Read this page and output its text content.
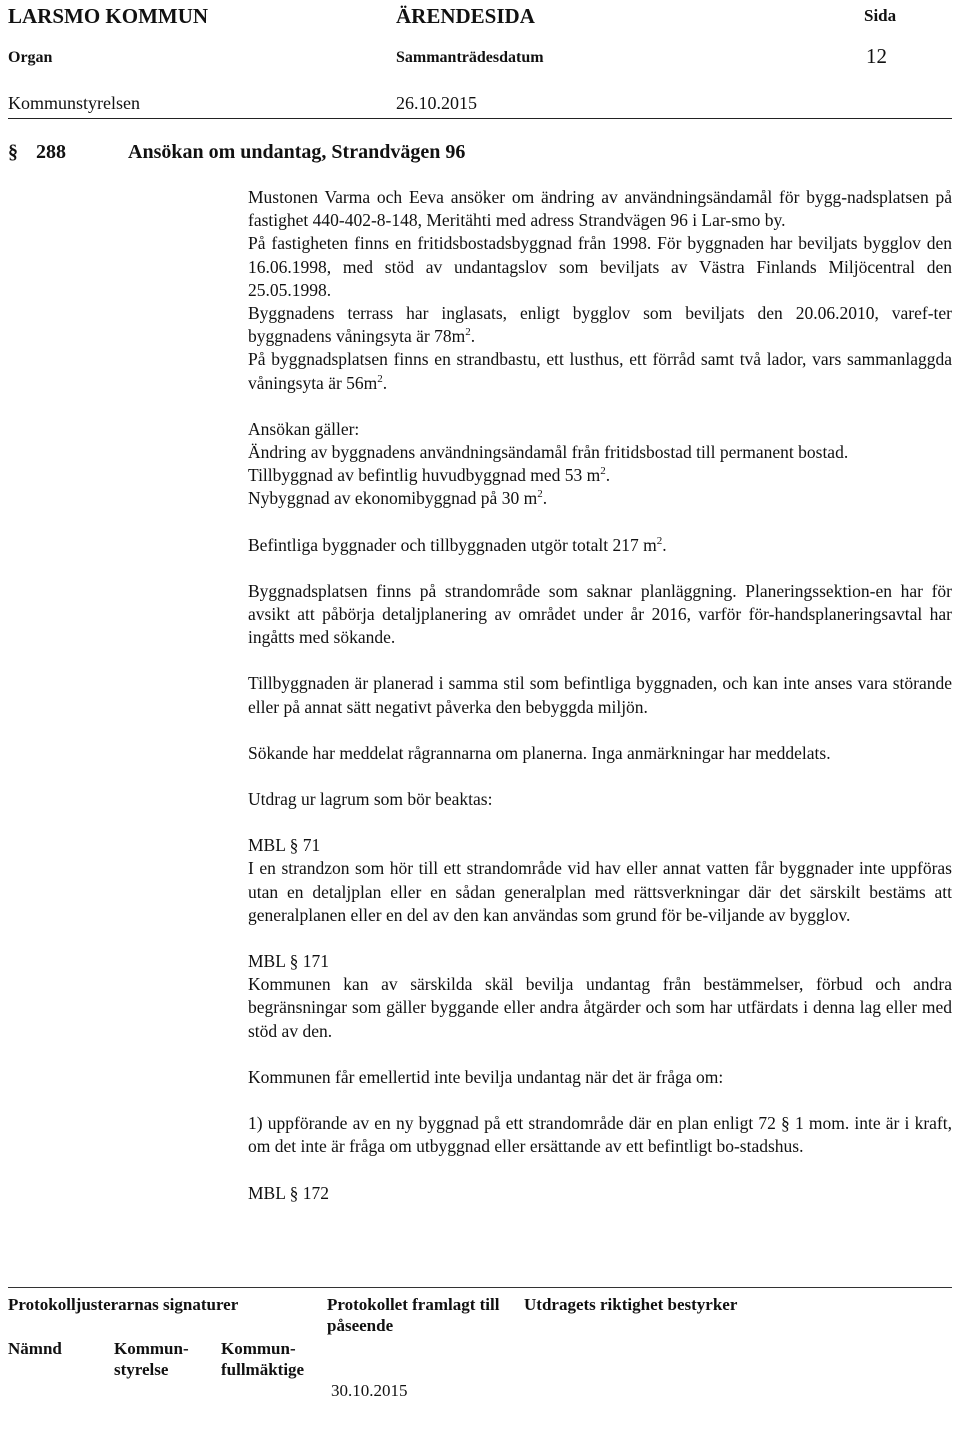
LARSMO KOMMUN	ÄRENDESIDA	Sida
Organ	Sammanträdesdatum	12
Kommunstyrelsen	26.10.2015
§ 288	Ansökan om undantag, Strandvägen 96

Mustonen Varma och Eeva ansöker om ändring av användningsändamål för bygg-nadsplatsen på fastighet 440-402-8-148, Meritähti med adress Strandvägen 96 i Lar-smo by.

På fastigheten finns en fritidsbostadsbyggnad från 1998. För byggnaden har beviljats bygglov den 16.06.1998, med stöd av undantagslov som beviljats av Västra Finlands Miljöcentral den 25.05.1998.

Byggnadens terrass har inglasats, enligt bygglov som beviljats den 20.06.2010, varef-ter byggnadens våningsyta är $78m^2$.

På byggnadsplatsen finns en strandbastu, ett lusthus, ett förråd samt två lador, vars sammanlaggda våningsyta är $56m^2$.

Ansökan gäller:

Ändring av byggnadens användningsändamål från fritidsbostad till permanent bostad.

Tillbyggnad av befintlig huvudbyggnad med 53 $m^2$.

Nybyggnad av ekonomibyggnad på 30 $m^2$.

Befintliga byggnader och tillbyggnaden utgör totalt 217 $m^2$.

Byggnadsplatsen finns på strandområde som saknar planläggning. Planeringssektion-en har för avsikt att påbörja detaljplanering av området under år 2016, varför för-handsplaneringsavtal har ingåtts med sökande.

Tillbyggnaden är planerad i samma stil som befintliga byggnaden, och kan inte anses vara störande eller på annat sätt negativt påverka den bebyggda miljön.

Sökande har meddelat rågrannarna om planerna. Inga anmärkningar har meddelats.

Utdrag ur lagrum som bör beaktas:

MBL § 71

I en strandzon som hör till ett strandområde vid hav eller annat vatten får byggnader inte uppföras utan en detaljplan eller en sådan generalplan med rättsverkningar där det särskilt bestäms att generalplanen eller en del av den kan användas som grund för be-viljande av bygglov.

MBL § 171

Kommunen kan av särskilda skäl bevilja undantag från bestämmelser, förbud och andra begränsningar som gäller byggande eller andra åtgärder och som har utfärdats i denna lag eller med stöd av den.

Kommunen får emellertid inte bevilja undantag när det är fråga om:

1) uppförande av en ny byggnad på ett strandområde där en plan enligt 72 § 1 mom. inte är i kraft, om det inte är fråga om utbyggnad eller ersättande av ett befintligt bo-stadshus.

MBL § 172

Protokolljusterarnas signaturer	Protokollet framlagt till påseende
Utdragets riktighet bestyrker
Nämnd	Kommun-styrelse
Kommun-fullmäktige
30.10.2015
